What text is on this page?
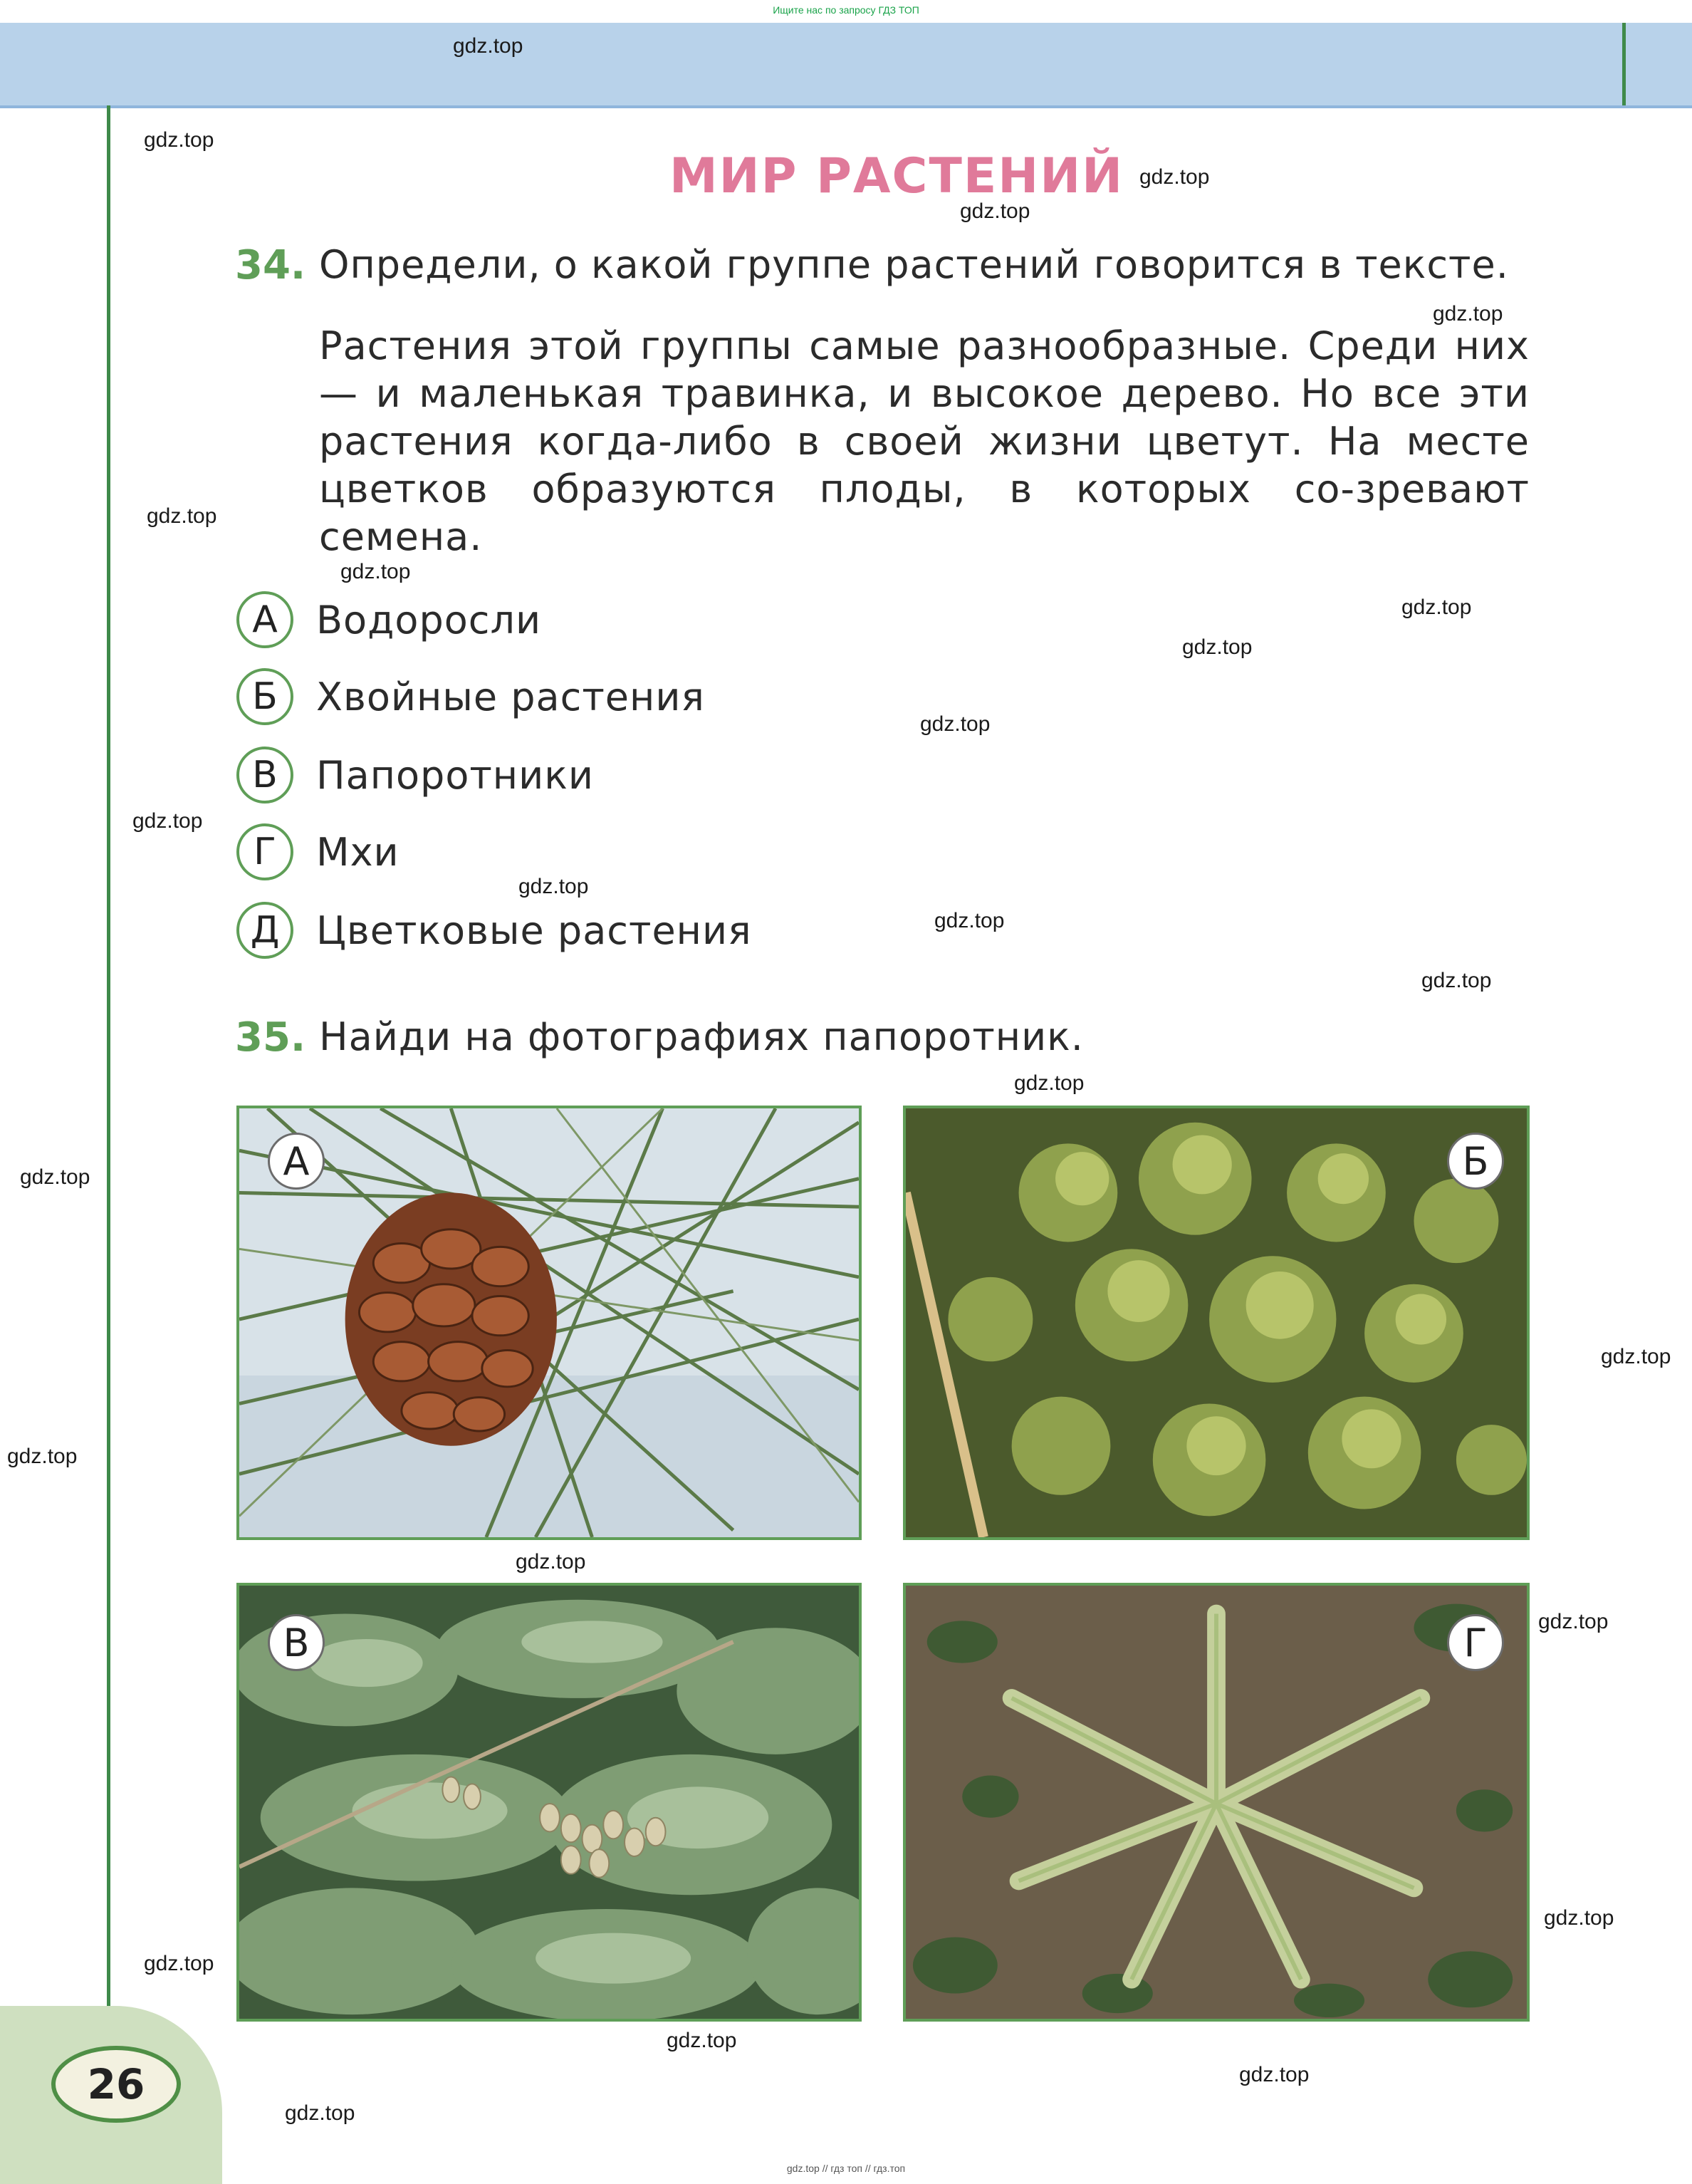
Ищите нас по запросу ГДЗ ТОП
МИР РАСТЕНИЙ
34. Определи, о какой группе растений говорится в тексте.
Растения этой группы самые разнообразные. Среди них — и маленькая травинка, и высокое дерево. Но все эти растения когда-либо в своей жизни цветут. На месте цветков образуются плоды, в которых со-зревают семена.
А	Водоросли
Б	Хвойные растения
В	Папоротники
Г	Мхи
Д Цветковые растения
35. Найди на фотографиях папоротник.
А	Б
В	Г
26
gdz.top
gdz.top
gdz.top
gdz.top
gdz.top
gdz.top
gdz.top
gdz.top
gdz.top
gdz.top
gdz.top
gdz.top
gdz.top
gdz.top
gdz.top
gdz.top
gdz.top
gdz.top
gdz.top
gdz.top
gdz.top
gdz.top
gdz.top
gdz.top
gdz.top
gdz.top // гдз топ // гдз.топ
